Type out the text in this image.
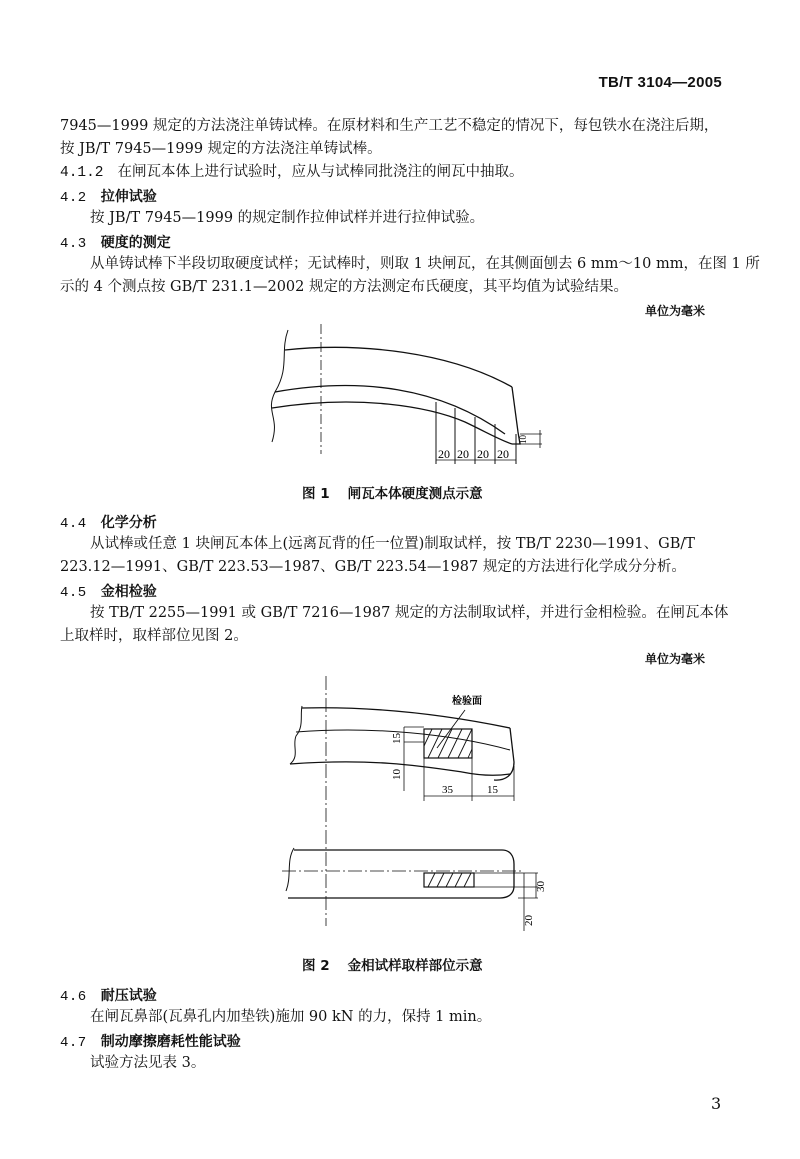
TB/T 3104—2005
7945—1999 规定的方法浇注单铸试棒。在原材料和生产工艺不稳定的情况下，每包铁水在浇注后期，
按 JB/T 7945—1999 规定的方法浇注单铸试棒。
4.1.2 在闸瓦本体上进行试验时，应从与试棒同批浇注的闸瓦中抽取。
4.2 拉伸试验
按 JB/T 7945—1999 的规定制作拉伸试样并进行拉伸试验。
4.3 硬度的测定
从单铸试棒下半段切取硬度试样；无试棒时，则取 1 块闸瓦，在其侧面刨去 6 mm～10 mm，在图 1 所
示的 4 个测点按 GB/T 231.1—2002 规定的方法测定布氏硬度，其平均值为试验结果。
单位为毫米
20 20 20 20
10
图 1 闸瓦本体硬度测点示意
4.4 化学分析
从试棒或任意 1 块闸瓦本体上(远离瓦背的任一位置)制取试样，按 TB/T 2230—1991、GB/T
223.12—1991、GB/T 223.53—1987、GB/T 223.54—1987 规定的方法进行化学成分分析。
4.5 金相检验
按 TB/T 2255—1991 或 GB/T 7216—1987 规定的方法制取试样，并进行金相检验。在闸瓦本体
上取样时，取样部位见图 2。
单位为毫米
检验面
15
10
35	15
30
20
图 2 金相试样取样部位示意
4.6 耐压试验
在闸瓦鼻部(瓦鼻孔内加垫铁)施加 90 kN 的力，保持 1 min。
4.7 制动摩擦磨耗性能试验
试验方法见表 3。
3
